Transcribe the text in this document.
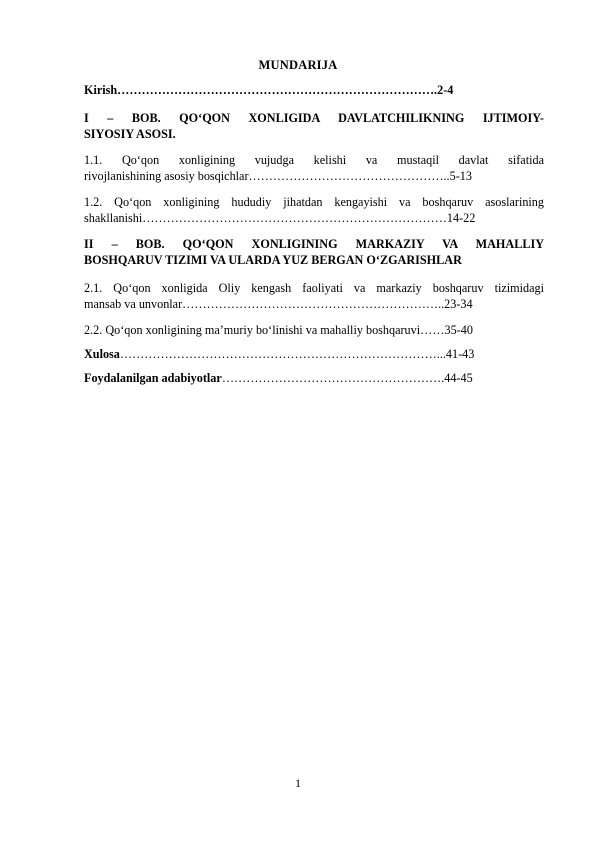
MUNDARIJA
Kirish…………………………………………………………………….2-4
I – BOB. QO‘QON XONLIGIDA DAVLATCHILIKNING IJTIMOIY-
SIYOSIY ASOSI.
1.1. Qo‘qon xonligining vujudga kelishi va mustaqil davlat sifatida
rivojlanishining asosiy bosqichlar…………………………………………..5-13
1.2. Qo‘qon xonligining hududiy jihatdan kengayishi va boshqaruv asoslarining
shakllanishi…………………………………………………………………14-22
II – BOB. QO‘QON XONLIGINING MARKAZIY VA MAHALLIY
BOSHQARUV TIZIMI VA ULARDA YUZ BERGAN O‘ZGARISHLAR
2.1. Qo‘qon xonligida Oliy kengash faoliyati va markaziy boshqaruv tizimidagi
mansab va unvonlar………………………………………………………..23-34
2.2. Qo‘qon xonligining ma’muriy bo‘linishi va mahalliy boshqaruvi……35-40
Xulosa……………………………………………………………………...41-43
Foydalanilgan adabiyotlar……………………………………………….44-45
1
